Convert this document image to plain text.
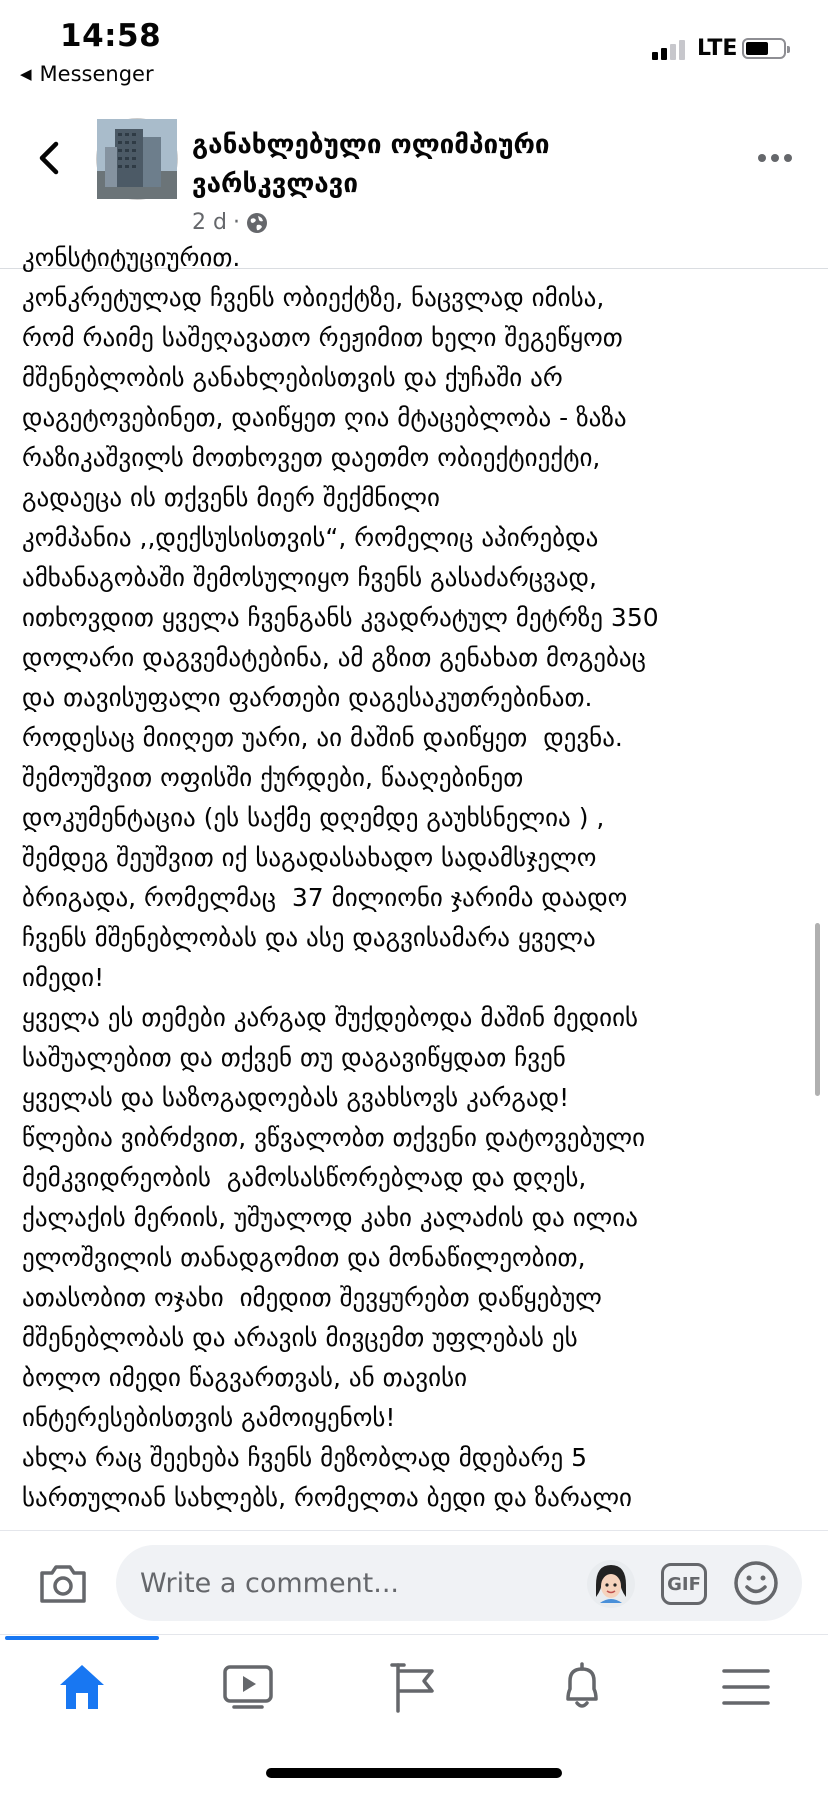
14:58
◀ Messenger
LTE
განახლებული ოლიმპიური ვარსკვლავი
2 d ·

კონსტიტუციურით.
კონკრეტულად ჩვენს ობიექტზე, ნაცვლად იმისა,
რომ რაიმე საშეღავათო რეჟიმით ხელი შეგეწყოთ
მშენებლობის განახლებისთვის და ქუჩაში არ
დაგეტოვებინეთ, დაიწყეთ ღია მტაცებლობა - ზაზა
რაზიკაშვილს მოთხოვეთ დაეთმო ობიექტიექტი,
გადაეცა ის თქვენს მიერ შექმნილი
კომპანია ,,დექსუსისთვის“, რომელიც აპირებდა
ამხანაგობაში შემოსულიყო ჩვენს გასაძარცვად,
ითხოვდით ყველა ჩვენგანს კვადრატულ მეტრზე 350
დოლარი დაგვემატებინა, ამ გზით გენახათ მოგებაც
და თავისუფალი ფართები დაგესაკუთრებინათ.
როდესაც მიიღეთ უარი, აი მაშინ დაიწყეთ  დევნა.
შემოუშვით ოფისში ქურდები, წააღებინეთ
დოკუმენტაცია (ეს საქმე დღემდე გაუხსნელია ) ,
შემდეგ შეუშვით იქ საგადასახადო სადამსჯელო
ბრიგადა, რომელმაც  37 მილიონი ჯარიმა დაადო
ჩვენს მშენებლობას და ასე დაგვისამარა ყველა
იმედი!
ყველა ეს თემები კარგად შუქდებოდა მაშინ მედიის
საშუალებით და თქვენ თუ დაგავიწყდათ ჩვენ
ყველას და საზოგადოებას გვახსოვს კარგად!
წლებია ვიბრძვით, ვწვალობთ თქვენი დატოვებული
მემკვიდრეობის  გამოსასწორებლად და დღეს,
ქალაქის მერიის, უშუალოდ კახი კალაძის და ილია
ელოშვილის თანადგომით და მონაწილეობით,
ათასობით ოჯახი  იმედით შევყურებთ დაწყებულ
მშენებლობას და არავის მივცემთ უფლებას ეს
ბოლო იმედი წაგვართვას, ან თავისი
ინტერესებისთვის გამოიყენოს!
ახლა რაც შეეხება ჩვენს მეზობლად მდებარე 5
სართულიან სახლებს, რომელთა ბედი და ზარალი

Write a comment...
GIF
